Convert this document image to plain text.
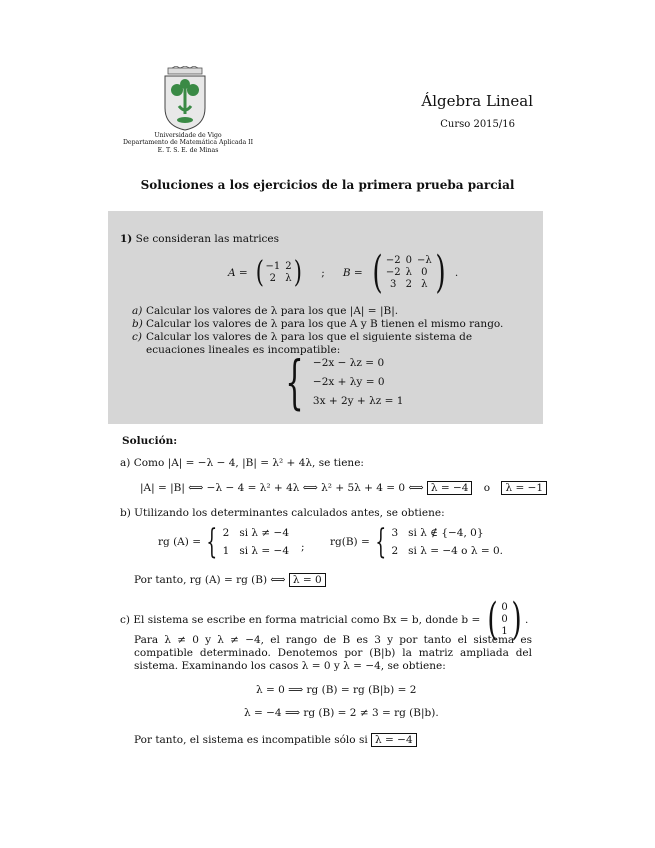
Universidade de Vigo
Departamento de Matemática Aplicada II
E. T. S. E. de Minas
Álgebra Lineal
Curso 2015/16
Soluciones a los ejercicios de la primera prueba parcial
1) Se consideran las matrices
A = ( −1 2
2 λ ) ; B = ( −2 0 −λ
−2 λ 0
3 2 λ ) .
a) Calcular los valores de λ para los que |A| = |B|.
b) Calcular los valores de λ para los que A y B tienen el mismo rango.
c) Calcular los valores de λ para los que el siguiente sistema de ecuaciones lineales es incompatible:
{ −2x − λz = 0
−2x + λy = 0
3x + 2y + λz = 1
Solución:
a) Como |A| = −λ − 4, |B| = λ² + 4λ, se tiene:
|A| = |B| ⟺ −λ − 4 = λ² + 4λ ⟺ λ² + 5λ + 4 = 0 ⟺ λ = −4 o λ = −1
b) Utilizando los determinantes calculados antes, se obtiene:
rg (A) = { 2 si λ ≠ −4
1 si λ = −4 ; rg(B) = { 3 si λ ∉ {−4, 0}
2 si λ = −4 o λ = 0.
Por tanto, rg (A) = rg (B) ⟺ λ = 0
c)
El sistema se escribe en forma matricial como Bx = b, donde b = ( 0
0
1 ) .
Para λ ≠ 0 y λ ≠ −4, el rango de B es 3 y por tanto el sistema es compatible determinado. Denotemos por (B|b) la matriz ampliada del sistema. Examinando los casos λ = 0 y λ = −4, se obtiene:
λ = 0 ⟹ rg (B) = rg (B|b) = 2
λ = −4 ⟹ rg (B) = 2 ≠ 3 = rg (B|b).
Por tanto, el sistema es incompatible sólo si λ = −4
